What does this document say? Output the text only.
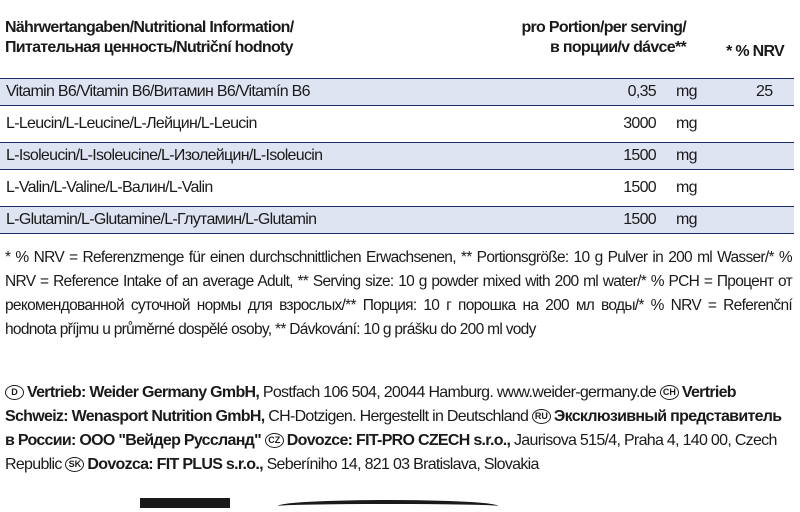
Nährwertangaben/Nutritional Information/
Питательная ценность/Nutriční hodnoty
pro Portion/per serving/
в порции/v dávce**	* % NRV
Vitamin B6/Vitamin B6/Витамин B6/Vitamín B6	0,35 mg	25
L-Leucin/L-Leucine/L-Лейцин/L-Leucin	3000 mg
L-Isoleucin/L-Isoleucine/L-Изолейцин/L-Isoleucin	1500 mg
L-Valin/L-Valine/L-Валин/L-Valin	1500 mg
L-Glutamin/L-Glutamine/L-Глутамин/L-Glutamin	1500 mg
* % NRV = Referenzmenge für einen durchschnittlichen Erwachsenen, ** Portionsgröße: 10 g Pulver in 200 ml Wasser/* % NRV = Reference Intake of an average Adult, ** Serving size: 10 g powder mixed with 200 ml water/* % PCH = Процент от рекомендованной суточной нормы для взрослых/** Порция: 10 г порошка на 200 мл воды/* % NRV = Referenční hodnota příjmu u průměrné dospělé osoby, ** Dávkování: 10 g prášku do 200 ml vody
D Vertrieb: Weider Germany GmbH, Postfach 106 504, 20044 Hamburg. www.weider-germany.de CH Vertrieb Schweiz: Wenasport Nutrition GmbH, CH-Dotzigen. Hergestellt in Deutschland RU Эксклюзивный представитель в России: ООО "Вейдер Руссланд" CZ Dovozce: FIT-PRO CZECH s.r.o., Jaurisova 515/4, Praha 4, 140 00, Czech Republic SK Dovozca: FIT PLUS s.r.o., Seberíniho 14, 821 03 Bratislava, Slovakia
